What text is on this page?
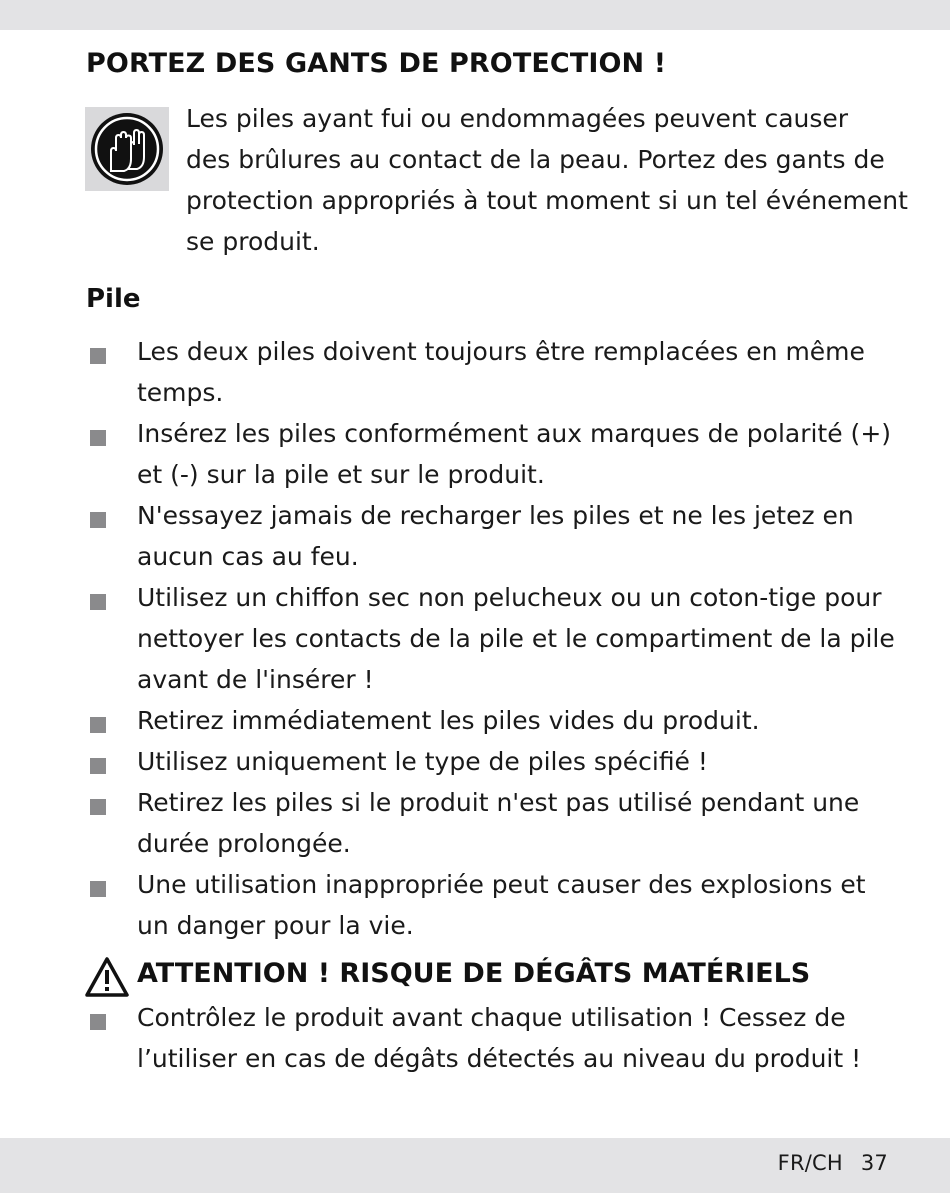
PORTEZ DES GANTS DE PROTECTION !
Les piles ayant fui ou endommagées peuvent causer
des brûlures au contact de la peau. Portez des gants de
protection appropriés à tout moment si un tel événement
se produit.
Pile
Les deux piles doivent toujours être remplacées en même
temps.
Insérez les piles conformément aux marques de polarité (+)
et (-) sur la pile et sur le produit.
N'essayez jamais de recharger les piles et ne les jetez en
aucun cas au feu.
Utilisez un chiffon sec non pelucheux ou un coton-tige pour
nettoyer les contacts de la pile et le compartiment de la pile
avant de l'insérer !
Retirez immédiatement les piles vides du produit.
Utilisez uniquement le type de piles spécifié !
Retirez les piles si le produit n'est pas utilisé pendant une
durée prolongée.
Une utilisation inappropriée peut causer des explosions et
un danger pour la vie.
ATTENTION ! RISQUE DE DÉGÂTS MATÉRIELS
Contrôlez le produit avant chaque utilisation ! Cessez de
l’utiliser en cas de dégâts détectés au niveau du produit !
FR/CH 37
